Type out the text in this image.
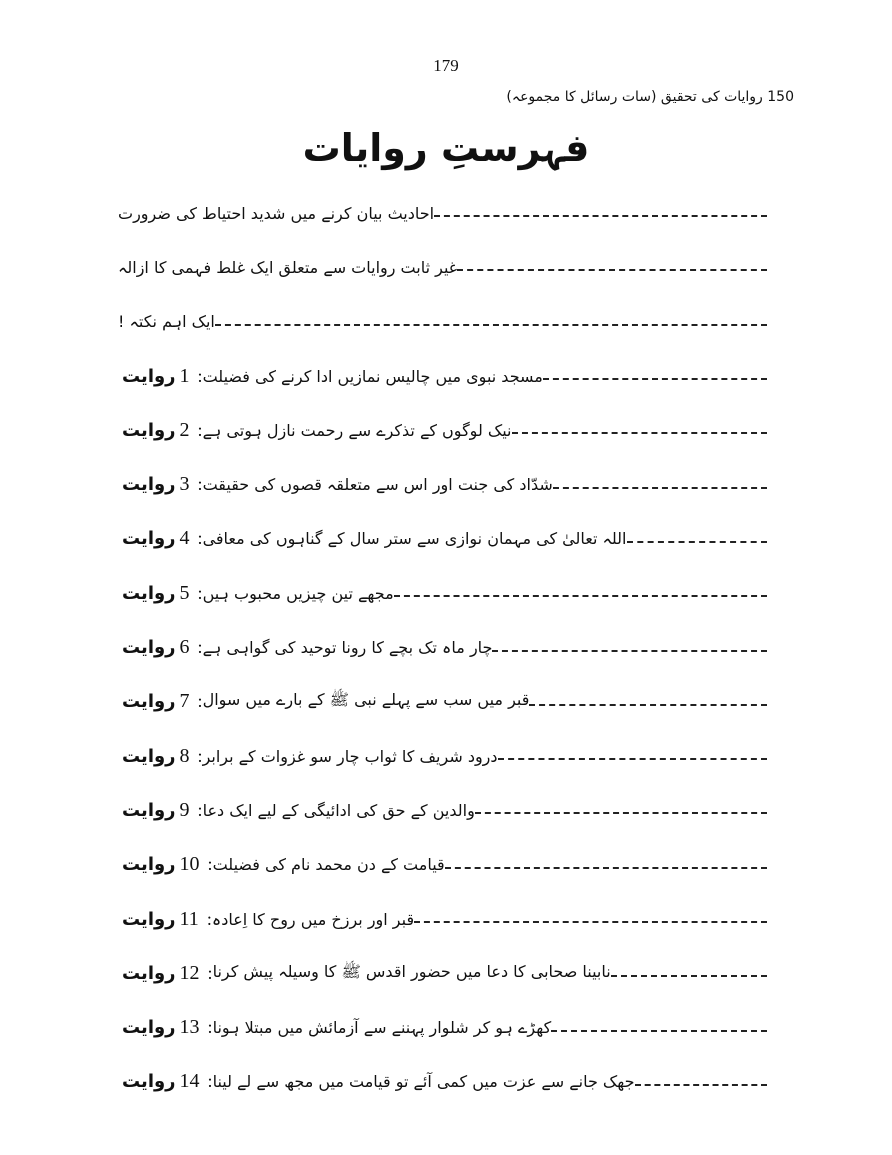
179
150 روایات کی تحقیق (سات رسائل کا مجموعہ)
فہرستِ روایات
احادیث بیان کرنے میں شدید احتیاط کی ضرورت
غیر ثابت روایات سے متعلق ایک غلط فہمی کا ازالہ
ایک اہم نکتہ !
روایت 1 : مسجد نبوی میں چالیس نمازیں ادا کرنے کی فضیلت
روایت 2 : نیک لوگوں کے تذکرے سے رحمت نازل ہوتی ہے
روایت 3 : شدّاد کی جنت اور اس سے متعلقہ قصوں کی حقیقت
روایت 4 : اللہ تعالیٰ کی مہمان نوازی سے ستر سال کے گناہوں کی معافی
روایت 5 : مجھے تین چیزیں محبوب ہیں
روایت 6 : چار ماہ تک بچے کا رونا توحید کی گواہی ہے
روایت 7 : قبر میں سب سے پہلے نبی ﷺ کے بارے میں سوال
روایت 8 : درود شریف کا ثواب چار سو غزوات کے برابر
روایت 9 : والدین کے حق کی ادائیگی کے لیے ایک دعا
روایت 10 : قیامت کے دن محمد نام کی فضیلت
روایت 11 : قبر اور برزخ میں روح کا اِعادہ
روایت 12 : نابینا صحابی کا دعا میں حضور اقدس ﷺ کا وسیلہ پیش کرنا
روایت 13 : کھڑے ہو کر شلوار پہننے سے آزمائش میں مبتلا ہونا
روایت 14 : جھک جانے سے عزت میں کمی آئے تو قیامت میں مجھ سے لے لینا
